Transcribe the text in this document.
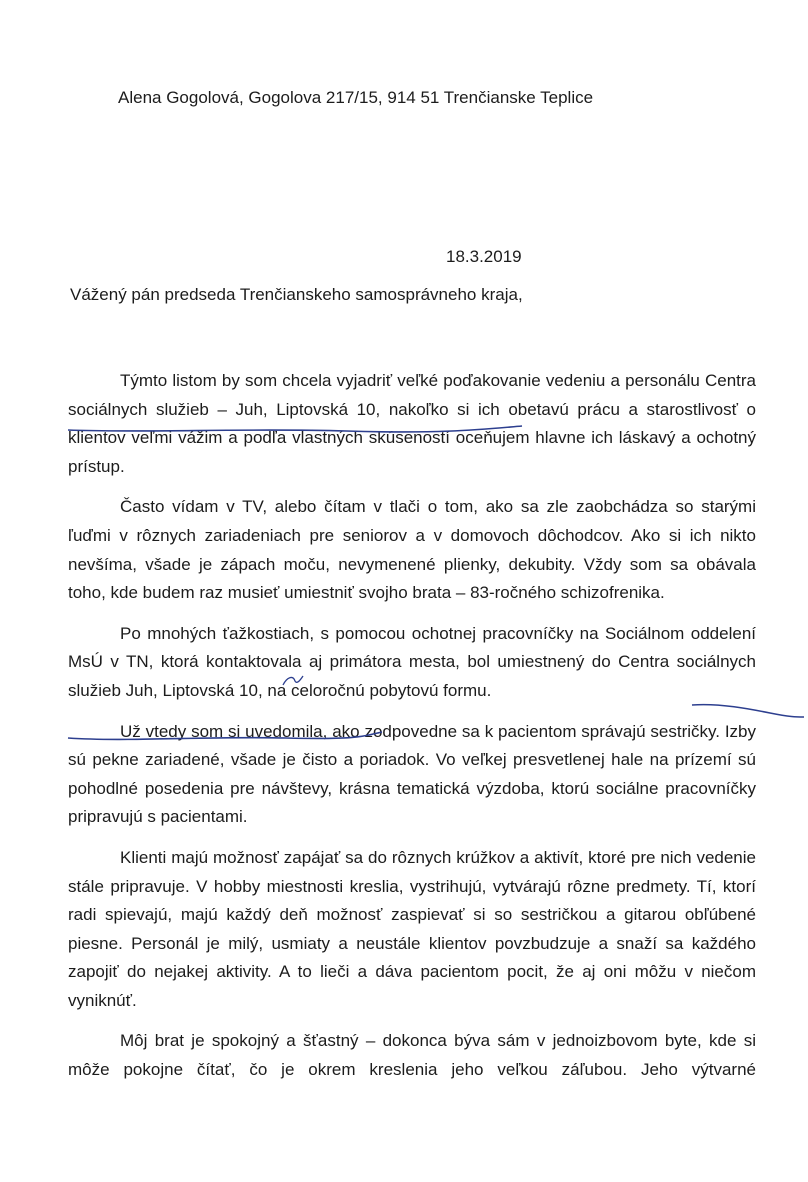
Alena Gogolová, Gogolova 217/15, 914 51 Trenčianske Teplice
18.3.2019
Vážený pán predseda Trenčianskeho samosprávneho kraja,

Týmto listom by som chcela vyjadriť veľké poďakovanie vedeniu a personálu Centra sociálnych služieb – Juh, Liptovská 10, nakoľko si ich obetavú prácu a starostlivosť o klientov veľmi vážim a podľa vlastných skúseností oceňujem hlavne ich láskavý a ochotný prístup.

Často vídam v TV, alebo čítam v tlači o tom, ako sa zle zaobchádza so starými ľuďmi v rôznych zariadeniach pre seniorov a v domovoch dôchodcov. Ako si ich nikto nevšíma, všade je zápach moču, nevymenené plienky, dekubity. Vždy som sa obávala toho, kde budem raz musieť umiestniť svojho brata – 83-ročného schizofrenika.

Po mnohých ťažkostiach, s pomocou ochotnej pracovníčky na Sociálnom oddelení MsÚ v TN, ktorá kontaktovala aj primátora mesta, bol umiestnený do Centra sociálnych služieb Juh, Liptovská 10, na celoročnú pobytovú formu.

Už vtedy som si uvedomila, ako zodpovedne sa k pacientom správajú sestričky. Izby sú pekne zariadené, všade je čisto a poriadok. Vo veľkej presvetlenej hale na prízemí sú pohodlné posedenia pre návštevy, krásna tematická výzdoba, ktorú sociálne pracovníčky pripravujú s pacientami.

Klienti majú možnosť zapájať sa do rôznych krúžkov a aktivít, ktoré pre nich vedenie stále pripravuje. V hobby miestnosti kreslia, vystrihujú, vytvárajú rôzne predmety. Tí, ktorí radi spievajú, majú každý deň možnosť zaspievať si so sestričkou a gitarou obľúbené piesne. Personál je milý, usmiaty a neustále klientov povzbudzuje a snaží sa každého zapojiť do nejakej aktivity. A to lieči a dáva pacientom pocit, že aj oni môžu v niečom vyniknúť.

Môj brat je spokojný a šťastný – dokonca býva sám v jednoizbovom byte, kde si môže pokojne čítať, čo je okrem kreslenia jeho veľkou záľubou. Jeho výtvarné
